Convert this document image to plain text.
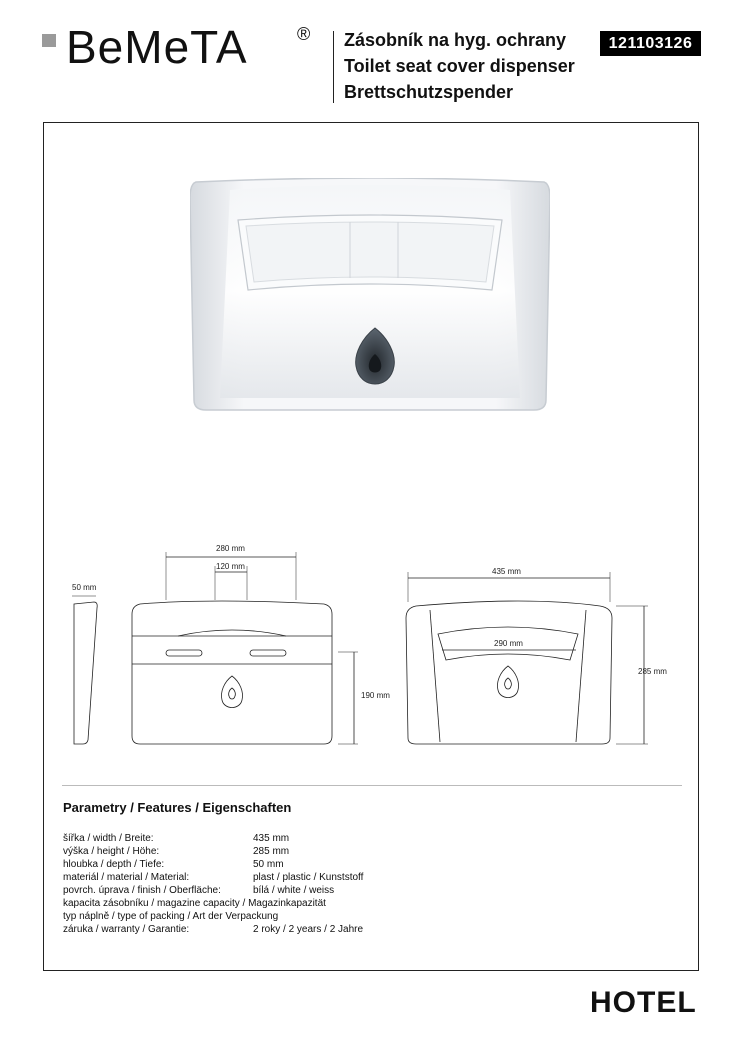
BeMeTA	® Zásobník na hyg. ochrany
Toilet seat cover dispenser
Brettschutzspender
121103126
280 mm
120 mm
50 mm
190 mm
435 mm
290 mm
285 mm
Parametry / Features / Eigenschaften
šířka / width / Breite:	435 mm
výška / height / Höhe:	285 mm
hloubka / depth / Tiefe:	50 mm
materiál / material / Material:	plast / plastic / Kunststoff
povrch. úprava / finish / Oberfläche:	bílá / white / weiss
kapacita zásobníku / magazine capacity / Magazinkapazität
typ náplně / type of packing / Art der Verpackung
záruka / warranty / Garantie:	2 roky / 2 years / 2 Jahre
HOTEL
